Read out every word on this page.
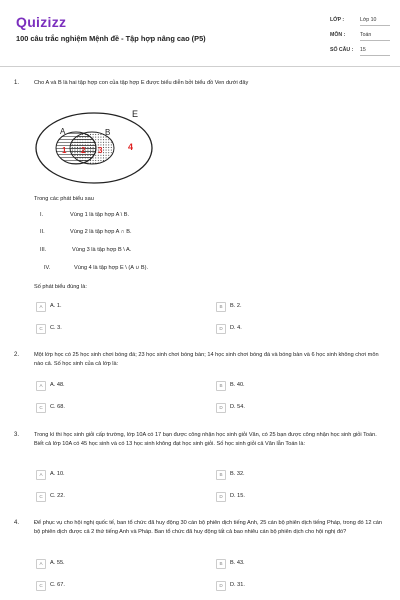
Quizizz
100 câu trắc nghiệm Mệnh đề - Tập hợp nâng cao (P5)
LỚP :	Lớp 10
MÔN :	Toán
SỐ CÂU : 15
1.	Cho A và B là hai tập hợp con của tập hợp E được biểu diễn bởi biểu đồ Ven dưới đây
E
A	B
1 2 3	4
Trong các phát biểu sau
I.	Vùng 1 là tập hợp A \ B.
II.	Vùng 2 là tập hợp A ∩ B.
III.	Vùng 3 là tập hợp B \ A.
IV.	Vùng 4 là tập hợp E \ (A ∪ B).
Số phát biểu đúng là:
A	A. 1.	B	B. 2.
C	C. 3.	D	D. 4.
2.	Một lớp học có 25 học sinh chơi bóng đá; 23 học sinh chơi bóng bàn; 14 học sinh chơi bóng đá và bóng bàn và 6 học sinh không chơi môn nào cả. Số học sinh của cả lớp là:
A	A. 48.	B	B. 40.
C	C. 68.	D	D. 54.
3.	Trong kì thi học sinh giỏi cấp trường, lớp 10A có 17 bạn được công nhận học sinh giỏi Văn, có 25 bạn được công nhận học sinh giỏi Toán. Biết cả lớp 10A có 45 học sinh và có 13 học sinh không đạt học sinh giỏi. Số học sinh giỏi cả Văn lẫn Toán là:
A	A. 10.	B	B. 32.
C	C. 22.	D	D. 15.
4.	Để phục vụ cho hội nghị quốc tế, ban tổ chức đã huy động 30 cán bộ phiên dịch tiếng Anh, 25 cán bộ phiên dịch tiếng Pháp, trong đó 12 cán bộ phiên dịch được cả 2 thứ tiếng Anh và Pháp. Ban tổ chức đã huy động tất cả bao nhiêu cán bộ phiên dịch cho hội nghị đó?
A	A. 55.	B	B. 43.
C	C. 67.	D	D. 31.
